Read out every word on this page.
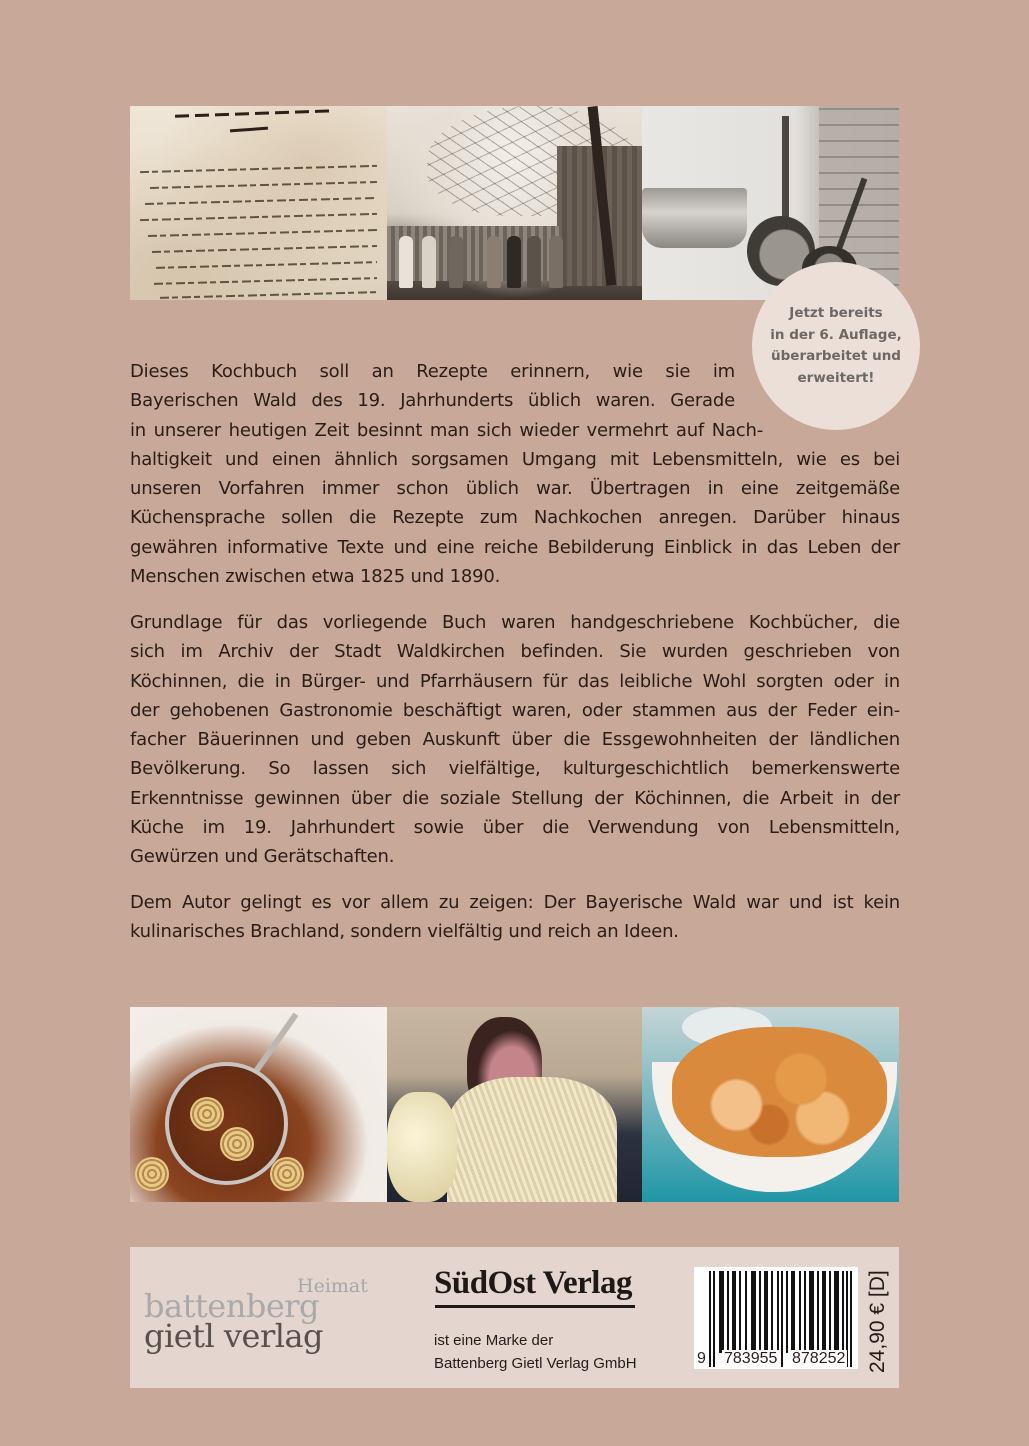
Jetzt bereits
in der 6. Auflage,
überarbeitet und
erweitert!
Dieses Kochbuch soll an Rezepte erinnern, wie sie im
Bayerischen Wald des 19. Jahrhunderts üblich waren. Gerade
in unserer heutigen Zeit besinnt man sich wieder vermehrt auf Nach-
haltigkeit und einen ähnlich sorgsamen Umgang mit Lebensmitteln, wie es bei
unseren Vorfahren immer schon üblich war. Übertragen in eine zeitgemäße
Küchensprache sollen die Rezepte zum Nachkochen anregen. Darüber hinaus
gewähren informative Texte und eine reiche Bebilderung Einblick in das Leben der
Menschen zwischen etwa 1825 und 1890.
Grundlage für das vorliegende Buch waren handgeschriebene Kochbücher, die
sich im Archiv der Stadt Waldkirchen befinden. Sie wurden geschrieben von
Köchinnen, die in Bürger- und Pfarrhäusern für das leibliche Wohl sorgten oder in
der gehobenen Gastronomie beschäftigt waren, oder stammen aus der Feder ein-
facher Bäuerinnen und geben Auskunft über die Essgewohnheiten der ländlichen
Bevölkerung. So lassen sich vielfältige, kulturgeschichtlich bemerkenswerte
Erkenntnisse gewinnen über die soziale Stellung der Köchinnen, die Arbeit in der
Küche im 19. Jahrhundert sowie über die Verwendung von Lebensmitteln,
Gewürzen und Gerätschaften.
Dem Autor gelingt es vor allem zu zeigen: Der Bayerische Wald war und ist kein
kulinarisches Brachland, sondern vielfältig und reich an Ideen.
Heimat
battenberg
gietl verlag
SüdOst Verlag
ist eine Marke der
Battenberg Gietl Verlag GmbH	9 783955 878252 24,90 € [D]
